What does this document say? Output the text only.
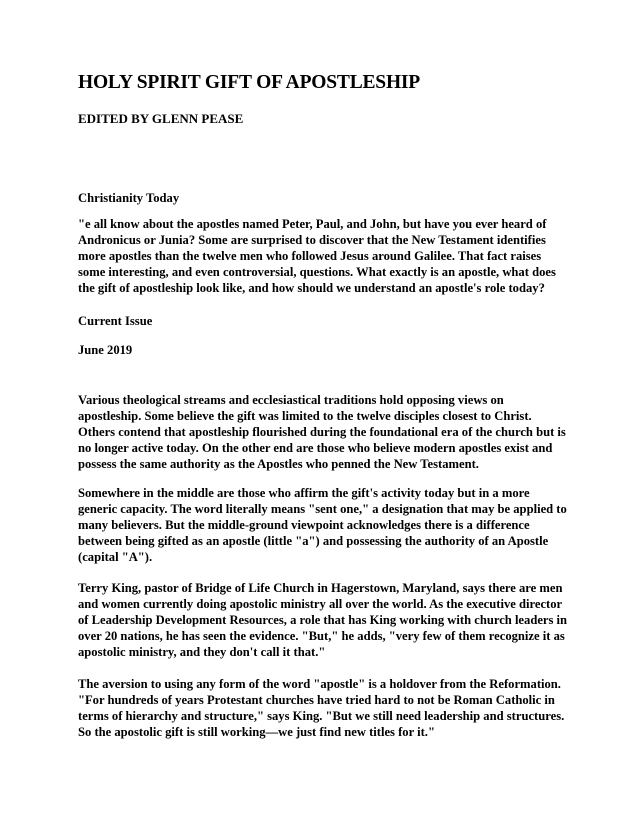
HOLY SPIRIT GIFT OF APOSTLESHIP
EDITED BY GLENN PEASE
Christianity Today
"e all know about the apostles named Peter, Paul, and John, but have you ever heard of
Andronicus or Junia? Some are surprised to discover that the New Testament identifies
more apostles than the twelve men who followed Jesus around Galilee. That fact raises
some interesting, and even controversial, questions. What exactly is an apostle, what does
the gift of apostleship look like, and how should we understand an apostle's role today?
Current Issue
June 2019
Various theological streams and ecclesiastical traditions hold opposing views on
apostleship. Some believe the gift was limited to the twelve disciples closest to Christ.
Others contend that apostleship flourished during the foundational era of the church but is
no longer active today. On the other end are those who believe modern apostles exist and
possess the same authority as the Apostles who penned the New Testament.
Somewhere in the middle are those who affirm the gift's activity today but in a more
generic capacity. The word literally means "sent one," a designation that may be applied to
many believers. But the middle-ground viewpoint acknowledges there is a difference
between being gifted as an apostle (little "a") and possessing the authority of an Apostle
(capital "A").
Terry King, pastor of Bridge of Life Church in Hagerstown, Maryland, says there are men
and women currently doing apostolic ministry all over the world. As the executive director
of Leadership Development Resources, a role that has King working with church leaders in
over 20 nations, he has seen the evidence. "But," he adds, "very few of them recognize it as
apostolic ministry, and they don't call it that."
The aversion to using any form of the word "apostle" is a holdover from the Reformation.
"For hundreds of years Protestant churches have tried hard to not be Roman Catholic in
terms of hierarchy and structure," says King. "But we still need leadership and structures.
So the apostolic gift is still working—we just find new titles for it."
